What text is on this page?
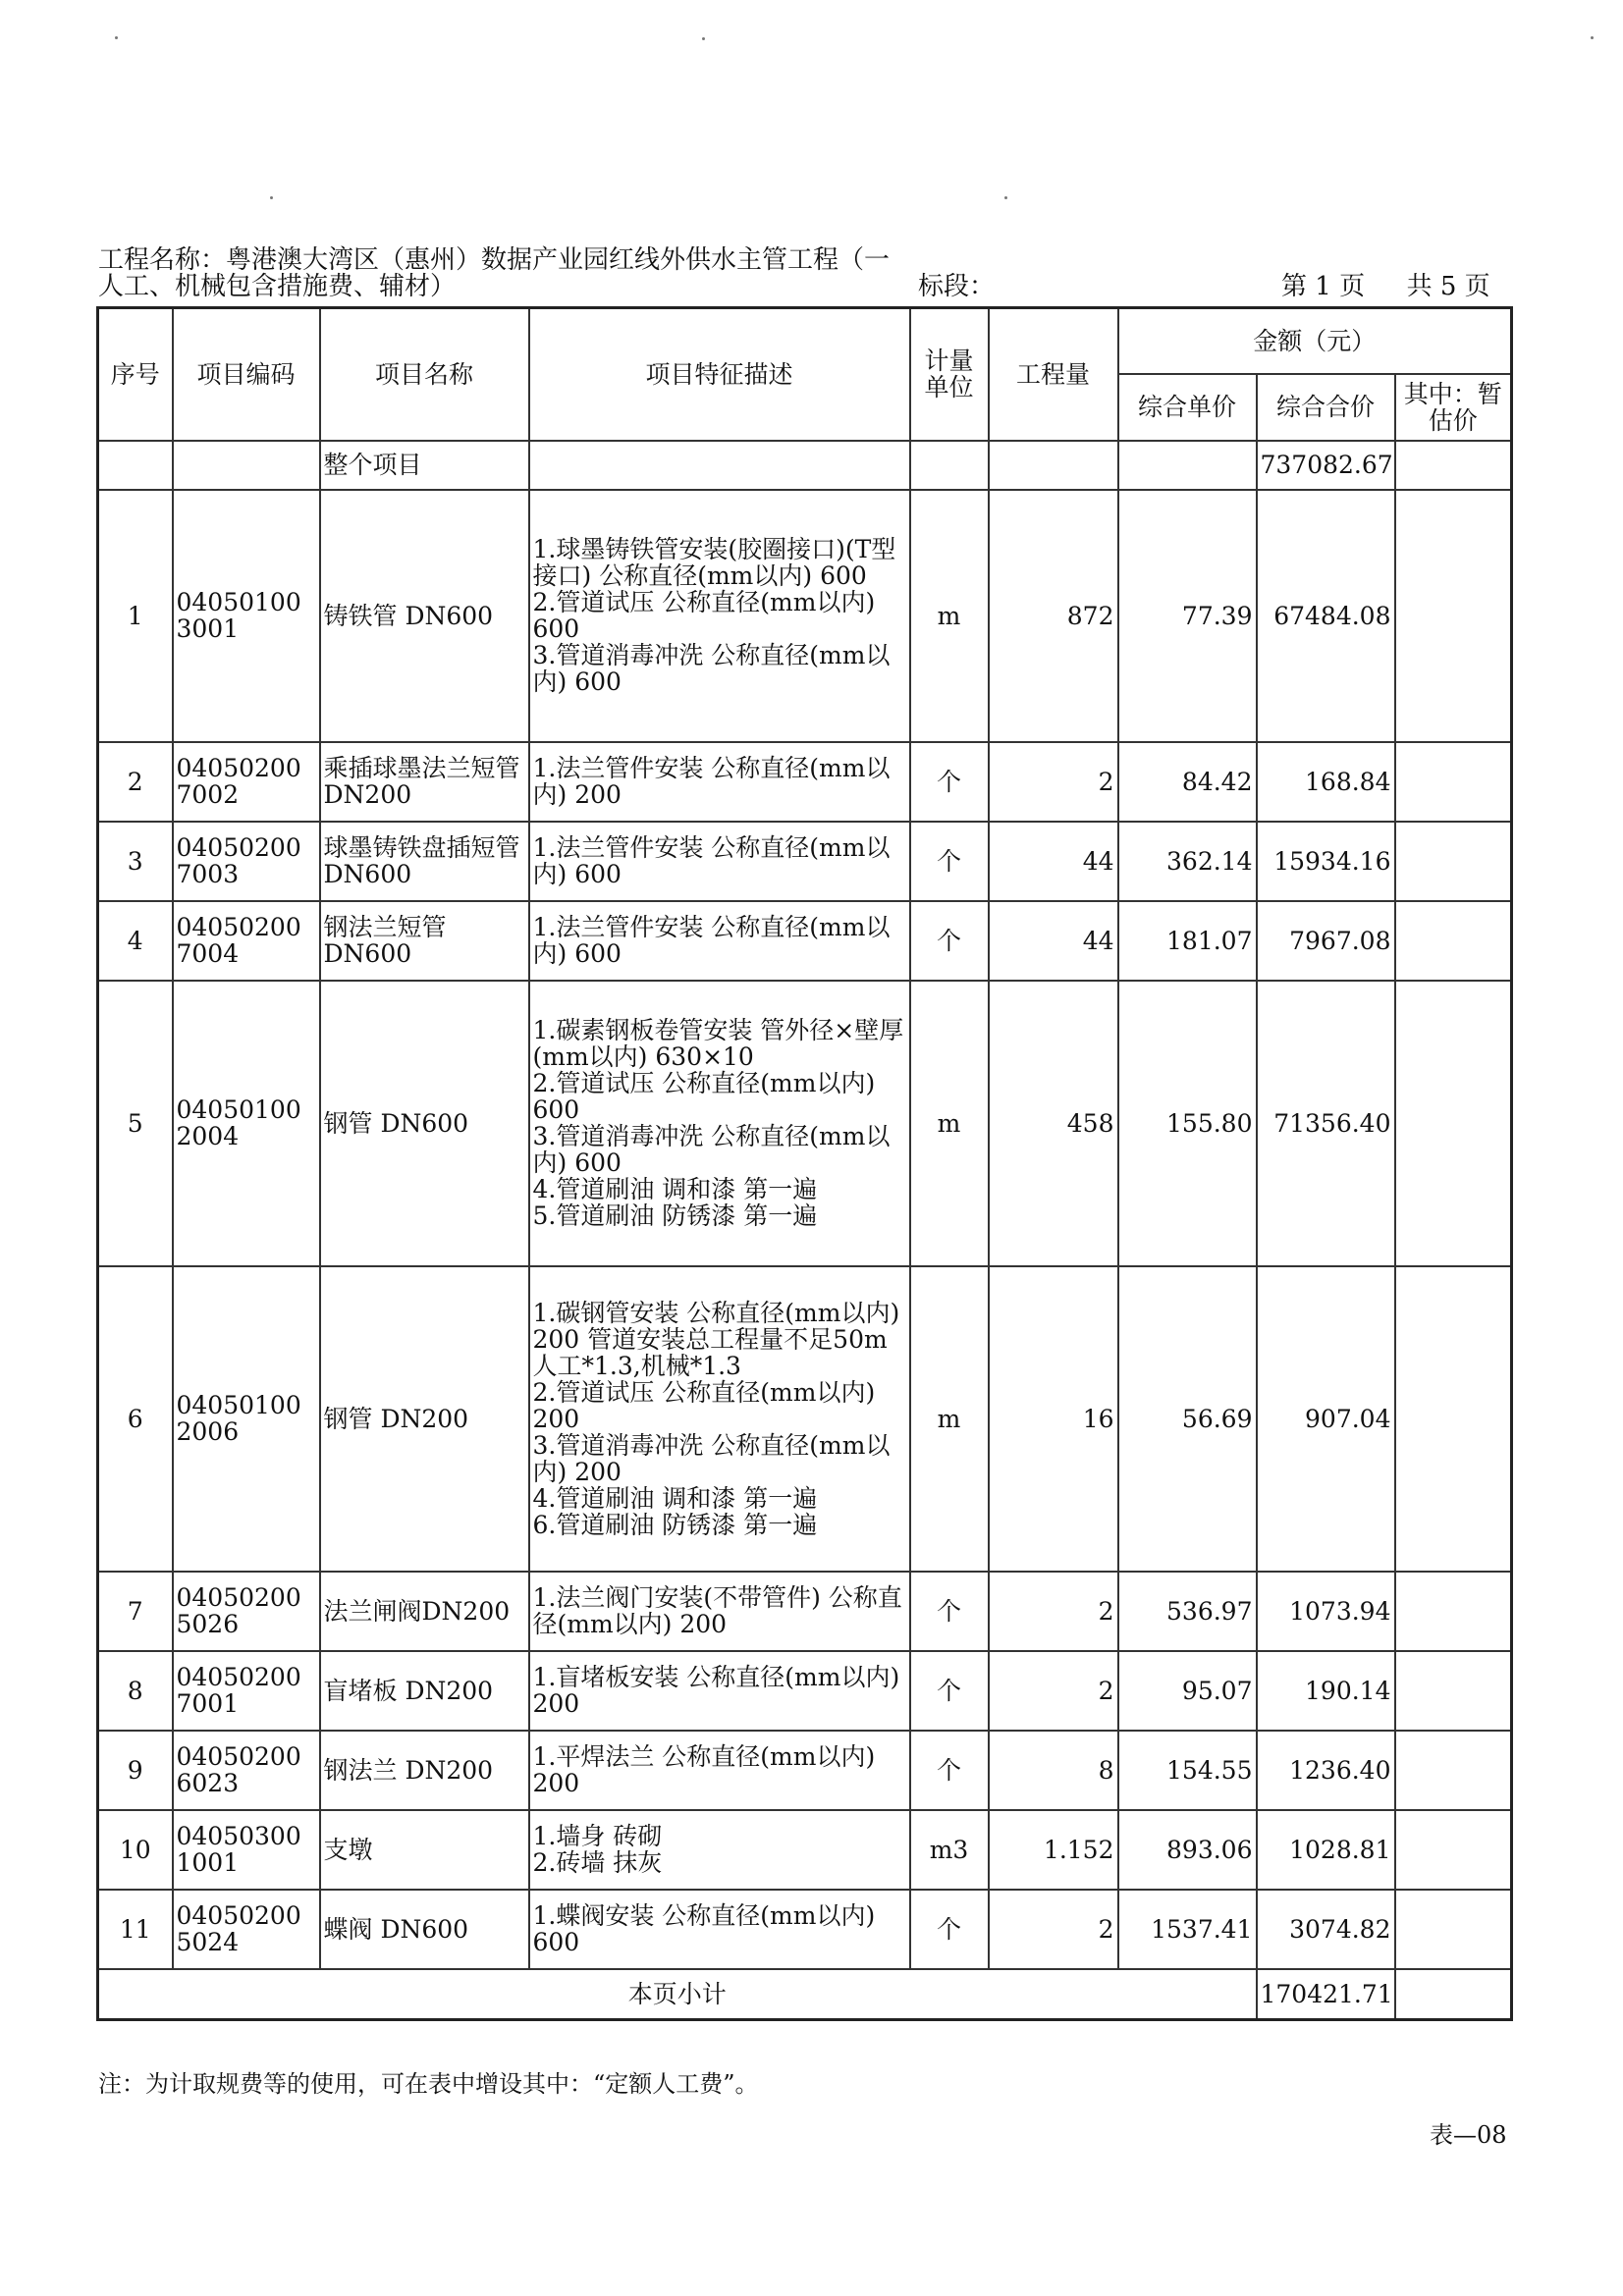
工程名称：粤港澳大湾区（惠州）数据产业园红线外供水主管工程（一
人工、机械包含措施费、辅材）	标段：	第 1 页 共 5 页
序号	项目编码	项目名称	项目特征描述	计量单位	工程量	金额（元）		
						综合单价	综合合价	其中：暂估价
		整个项目					737082.67	
1	040501003001	铸铁管 DN600	1.球墨铸铁管安装(胶圈接口)(T型接口) 公称直径(mm以内) 600
2.管道试压 公称直径(mm以内) 600
3.管道消毒冲洗 公称直径(mm以内) 600	m	872	77.39	67484.08	
2	040502007002	乘插球墨法兰短管 DN200	1.法兰管件安装 公称直径(mm以内) 200	个	2	84.42	168.84	
3	040502007003	球墨铸铁盘插短管 DN600	1.法兰管件安装 公称直径(mm以内) 600	个	44	362.14	15934.16	
4	040502007004	钢法兰短管 DN600	1.法兰管件安装 公称直径(mm以内) 600	个	44	181.07	7967.08	
5	040501002004	钢管 DN600	1.碳素钢板卷管安装 管外径×壁厚(mm以内) 630×10
2.管道试压 公称直径(mm以内) 600
3.管道消毒冲洗 公称直径(mm以内) 600
4.管道刷油 调和漆 第一遍
5.管道刷油 防锈漆 第一遍	m	458	155.80	71356.40	
6	040501002006	钢管 DN200	1.碳钢管安装 公称直径(mm以内) 200 管道安装总工程量不足50m 人工*1.3,机械*1.3
2.管道试压 公称直径(mm以内) 200
3.管道消毒冲洗 公称直径(mm以内) 200
4.管道刷油 调和漆 第一遍
6.管道刷油 防锈漆 第一遍	m	16	56.69	907.04	
7	040502005026	法兰闸阀DN200	1.法兰阀门安装(不带管件) 公称直径(mm以内) 200	个	2	536.97	1073.94	
8	040502007001	盲堵板 DN200	1.盲堵板安装 公称直径(mm以内) 200	个	2	95.07	190.14	
9	040502006023	钢法兰 DN200	1.平焊法兰 公称直径(mm以内) 200	个	8	154.55	1236.40	
10	040503001001	支墩	1.墙身 砖砌
2.砖墙 抹灰	m3	1.152	893.06	1028.81	
11	040502005024	蝶阀 DN600	1.蝶阀安装 公称直径(mm以内) 600	个	2	1537.41	3074.82	
本页小计							170421.71	
注：为计取规费等的使用，可在表中增设其中：“定额人工费”。
表—08
